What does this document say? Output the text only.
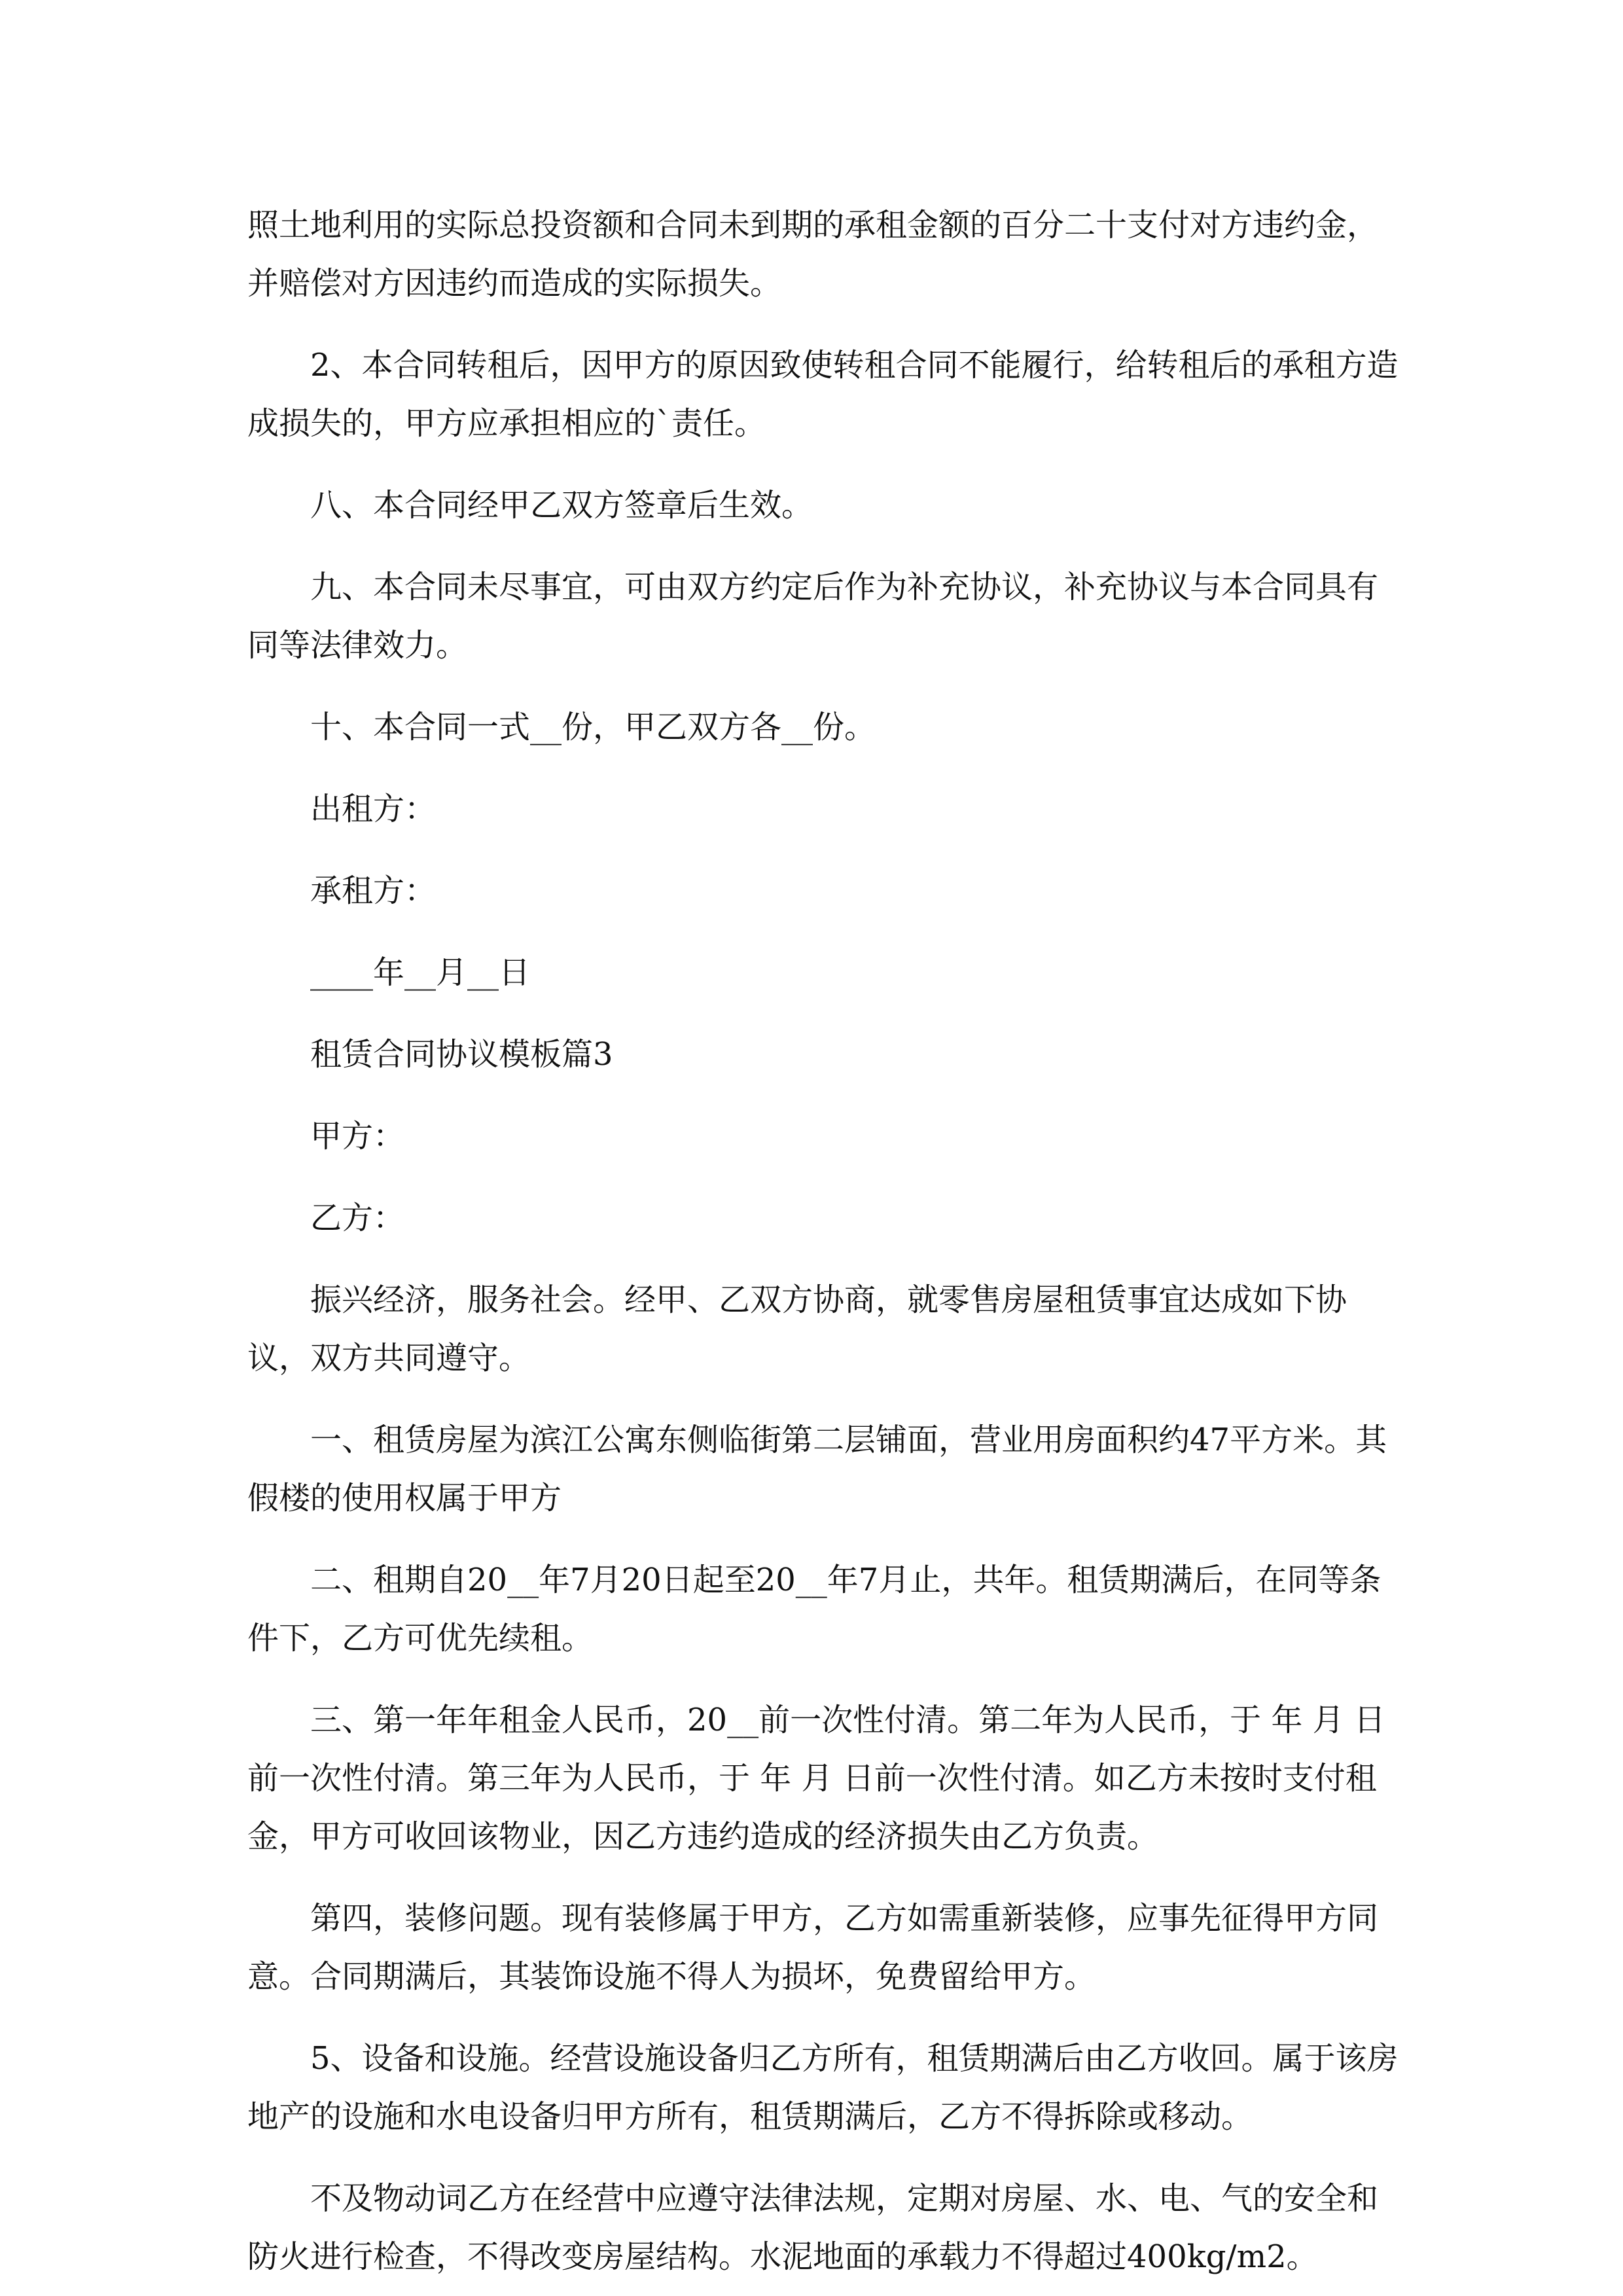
照土地利用的实际总投资额和合同未到期的承租金额的百分二十支付对方违约金，并赔偿对方因违约而造成的实际损失。

2、本合同转租后，因甲方的原因致使转租合同不能履行，给转租后的承租方造成损失的，甲方应承担相应的`责任。

八、本合同经甲乙双方签章后生效。

九、本合同未尽事宜，可由双方约定后作为补充协议，补充协议与本合同具有同等法律效力。

十、本合同一式__份，甲乙双方各__份。

出租方：

承租方：

____年__月__日

租赁合同协议模板篇3

甲方：

乙方：

振兴经济，服务社会。经甲、乙双方协商，就零售房屋租赁事宜达成如下协议，双方共同遵守。

一、租赁房屋为滨江公寓东侧临街第二层铺面，营业用房面积约47平方米。其假楼的使用权属于甲方

二、租期自20__年7月20日起至20__年7月止，共年。租赁期满后，在同等条件下，乙方可优先续租。

三、第一年年租金人民币，20__前一次性付清。第二年为人民币，于 年 月 日前一次性付清。第三年为人民币，于 年 月 日前一次性付清。如乙方未按时支付租金，甲方可收回该物业，因乙方违约造成的经济损失由乙方负责。

第四，装修问题。现有装修属于甲方，乙方如需重新装修，应事先征得甲方同意。合同期满后，其装饰设施不得人为损坏，免费留给甲方。

5、设备和设施。经营设施设备归乙方所有，租赁期满后由乙方收回。属于该房地产的设施和水电设备归甲方所有，租赁期满后，乙方不得拆除或移动。

不及物动词乙方在经营中应遵守法律法规，定期对房屋、水、电、气的安全和防火进行检查，不得改变房屋结构。水泥地面的承载力不得超过400kg/m2。
